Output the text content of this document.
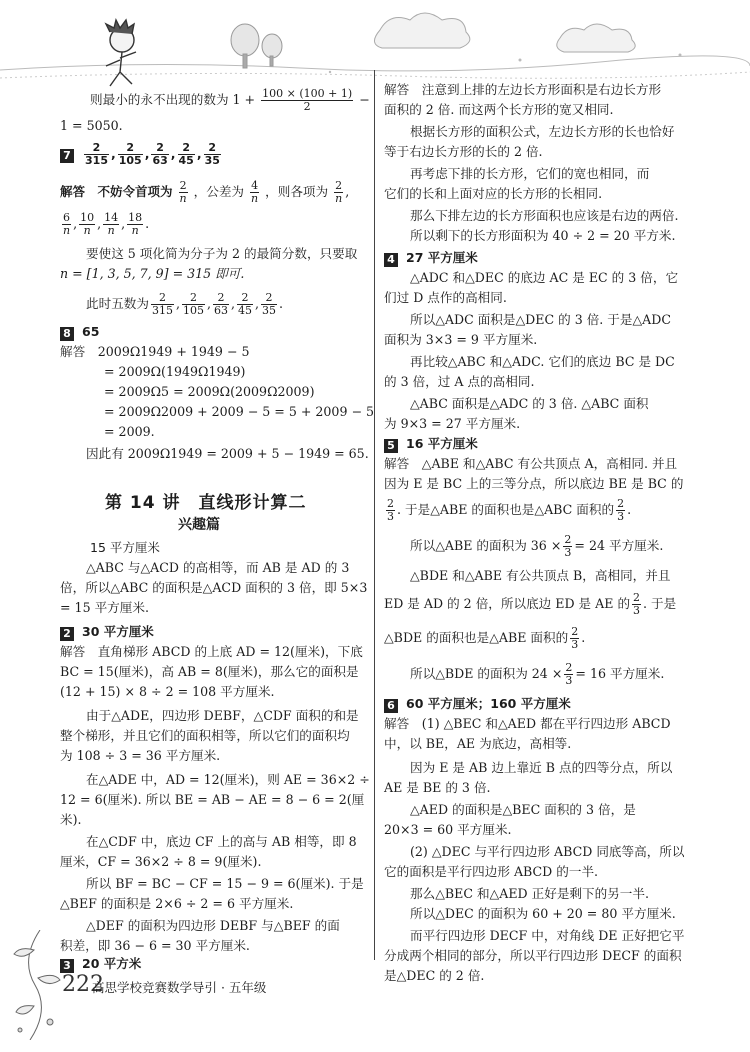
则最小的永不出现的数为 $1 + \frac{100 \times (100 + 1)}{2}$ −
1 = 5050.
$7 \frac{2}{315}$ , $\frac{2}{105}$ , $\frac{2}{63}$ , $\frac{2}{45}$ , $\frac{2}{35}$
解答　不妨令首项为 $\frac{2}{n}$ ，公差为 $\frac{4}{n}$ ，则各项为 $\frac{2}{n}$ ,
$\frac{6}{n}$ , $\frac{10}{n}$ , $\frac{14}{n}$ , $\frac{18}{n}$ .
要使这 5 项化简为分子为 2 的最简分数，只要取
n = [1, 3, 5, 7, 9] = 315 即可.
此时五数为 $\frac{2}{315}$ , $\frac{2}{105}$ , $\frac{2}{63}$ , $\frac{2}{45}$ , $\frac{2}{35}$ .
8 65
解答　2009Ω1949 + 1949 − 5
= 2009Ω(1949Ω1949)
= 2009Ω5 = 2009Ω(2009Ω2009)
= 2009Ω2009 + 2009 − 5 = 5 + 2009 − 5
= 2009.
因此有 2009Ω1949 = 2009 + 5 − 1949 = 65.
第 14 讲　直线形计算二
兴趣篇
15 平方厘米
△ABC 与△ACD 的高相等，而 AB 是 AD 的 3
倍，所以△ABC 的面积是△ACD 面积的 3 倍，即 5×3
= 15 平方厘米.
2 30 平方厘米
解答　直角梯形 ABCD 的上底 AD = 12(厘米)，下底
BC = 15(厘米)，高 AB = 8(厘米)，那么它的面积是
(12 + 15) × 8 ÷ 2 = 108 平方厘米.
由于△ADE，四边形 DEBF，△CDF 面积的和是
整个梯形，并且它们的面积相等，所以它们的面积均
为 108 ÷ 3 = 36 平方厘米.
在△ADE 中，AD = 12(厘米)，则 AE = 36×2 ÷
12 = 6(厘米). 所以 BE = AB − AE = 8 − 6 = 2(厘
米).
在△CDF 中，底边 CF 上的高与 AB 相等，即 8
厘米，CF = 36×2 ÷ 8 = 9(厘米).
所以 BF = BC − CF = 15 − 9 = 6(厘米). 于是
△BEF 的面积是 2×6 ÷ 2 = 6 平方厘米.
△DEF 的面积为四边形 DEBF 与△BEF 的面
积差，即 36 − 6 = 30 平方厘米.
3 20 平方米
解答　注意到上排的左边长方形面积是右边长方形
面积的 2 倍. 而这两个长方形的宽又相同.
根据长方形的面积公式，左边长方形的长也恰好
等于右边长方形的长的 2 倍.
再考虑下排的长方形，它们的宽也相同，而
它们的长和上面对应的长方形的长相同.
那么下排左边的长方形面积也应该是右边的两倍.
所以剩下的长方形面积为 40 ÷ 2 = 20 平方米.
4 27 平方厘米
△ADC 和△DEC 的底边 AC 是 EC 的 3 倍，它
们过 D 点作的高相同.
所以△ADC 面积是△DEC 的 3 倍. 于是△ADC
面积为 3×3 = 9 平方厘米.
再比较△ABC 和△ADC. 它们的底边 BC 是 DC
的 3 倍，过 A 点的高相同.
△ABC 面积是△ADC 的 3 倍. △ABC 面积
为 9×3 = 27 平方厘米.
5 16 平方厘米
解答　△ABE 和△ABC 有公共顶点 A，高相同. 并且
因为 E 是 BC 上的三等分点，所以底边 BE 是 BC 的
$\frac{2}{3}$ . 于是△ABE 的面积也是△ABC 面积的 $\frac{2}{3}$ .
所以△ABE 的面积为 $36 \times \frac{2}{3} = 24$ 平方厘米.
△BDE 和△ABE 有公共顶点 B，高相同，并且
ED 是 AD 的 2 倍，所以底边 ED 是 AE 的 $\frac{2}{3}$ . 于是
△BDE 的面积也是△ABE 面积的 $\frac{2}{3}$ .
所以△BDE 的面积为 $24 \times \frac{2}{3} = 16$ 平方厘米.
6 60 平方厘米；160 平方厘米
解答　(1) △BEC 和△AED 都在平行四边形 ABCD
中，以 BE，AE 为底边，高相等.
因为 E 是 AB 边上靠近 B 点的四等分点，所以
AE 是 BE 的 3 倍.
△AED 的面积是△BEC 面积的 3 倍，是
20×3 = 60 平方厘米.
(2) △DEC 与平行四边形 ABCD 同底等高，所以
它的面积是平行四边形 ABCD 的一半.
那么△BEC 和△AED 正好是剩下的另一半.
所以△DEC 的面积为 60 + 20 = 80 平方厘米.
而平行四边形 DECF 中，对角线 DE 正好把它平
分成两个相同的部分，所以平行四边形 DECF 的面积
是△DEC 的 2 倍.
222
高思学校竞赛数学导引 · 五年级
